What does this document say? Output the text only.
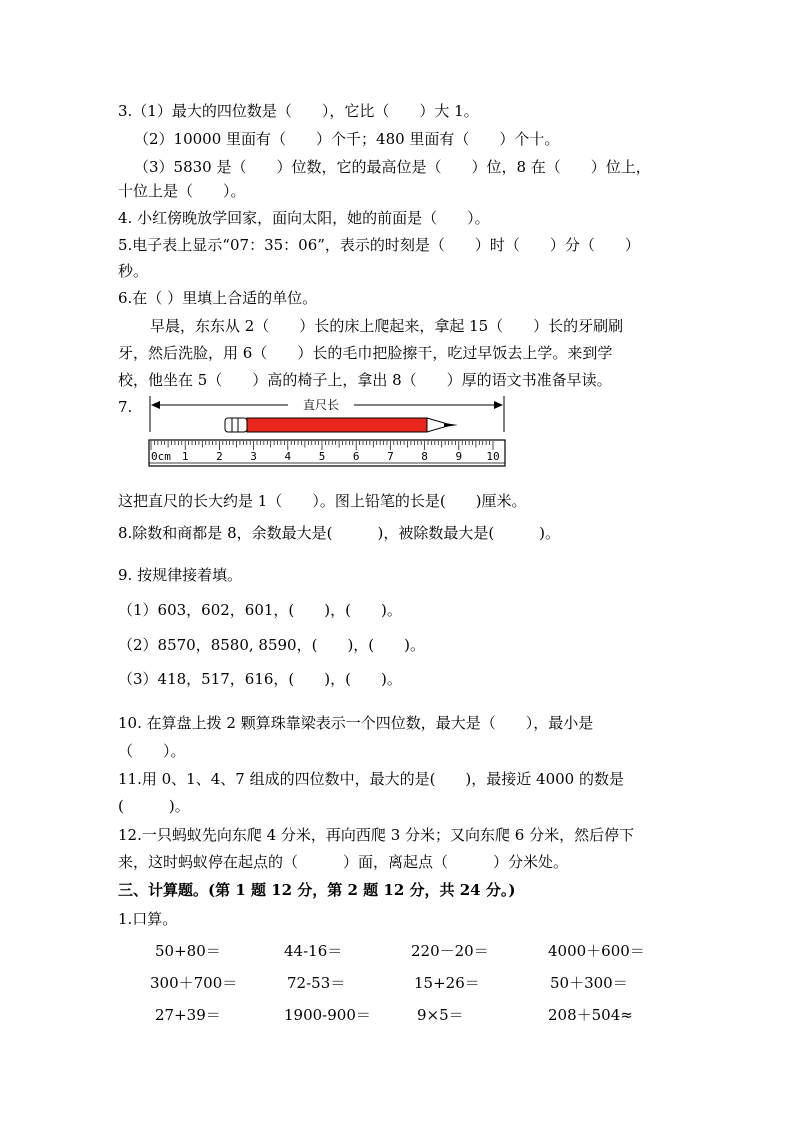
3.（1）最大的四位数是（　　），它比（　　）大 1。
（2）10000 里面有（　　）个千；480 里面有（　　）个十。
（3）5830 是（　　）位数，它的最高位是（　　）位，8 在（　　）位上，
十位上是（　　）。
4. 小红傍晚放学回家，面向太阳，她的前面是（　　）。
5.电子表上显示“07：35：06”，表示的时刻是（　　）时（　　）分（　　）
秒。
6.在（ ）里填上合适的单位。
早晨，东东从 2（　　）长的床上爬起来，拿起 15（　　）长的牙刷刷
牙，然后洗脸，用 6（　　）长的毛巾把脸擦干，吃过早饭去上学。来到学
校，他坐在 5（　　）高的椅子上，拿出 8（　　）厚的语文书准备早读。
7.	直尺长
0cm 1	2	3	4	5	6	7	8	9 10
这把直尺的长大约是 1（　　）。图上铅笔的长是(　　)厘米。
8.除数和商都是 8，余数最大是(　　　)，被除数最大是(　　　)。
9. 按规律接着填。
（1）603，602，601，(　　)，(　　)。
（2）8570，8580, 8590，(　　)，(　　)。
（3）418，517，616，(　　)，(　　)。
10. 在算盘上拨 2 颗算珠靠梁表示一个四位数，最大是（　　），最小是
（　　）。
11.用 0、1、4、7 组成的四位数中，最大的是(　　)，最接近 4000 的数是
(　　　)。
12.一只蚂蚁先向东爬 4 分米，再向西爬 3 分米；又向东爬 6 分米，然后停下
来，这时蚂蚁停在起点的（　　　）面，离起点（　　　）分米处。
三、计算题。(第 1 题 12 分，第 2 题 12 分，共 24 分。)
1.口算。
50+80＝	44-16＝	220－20＝	4000＋600＝
300＋700＝	72-53＝	15+26＝	50＋300＝
27+39＝	1900-900＝	9×5＝	208＋504≈
